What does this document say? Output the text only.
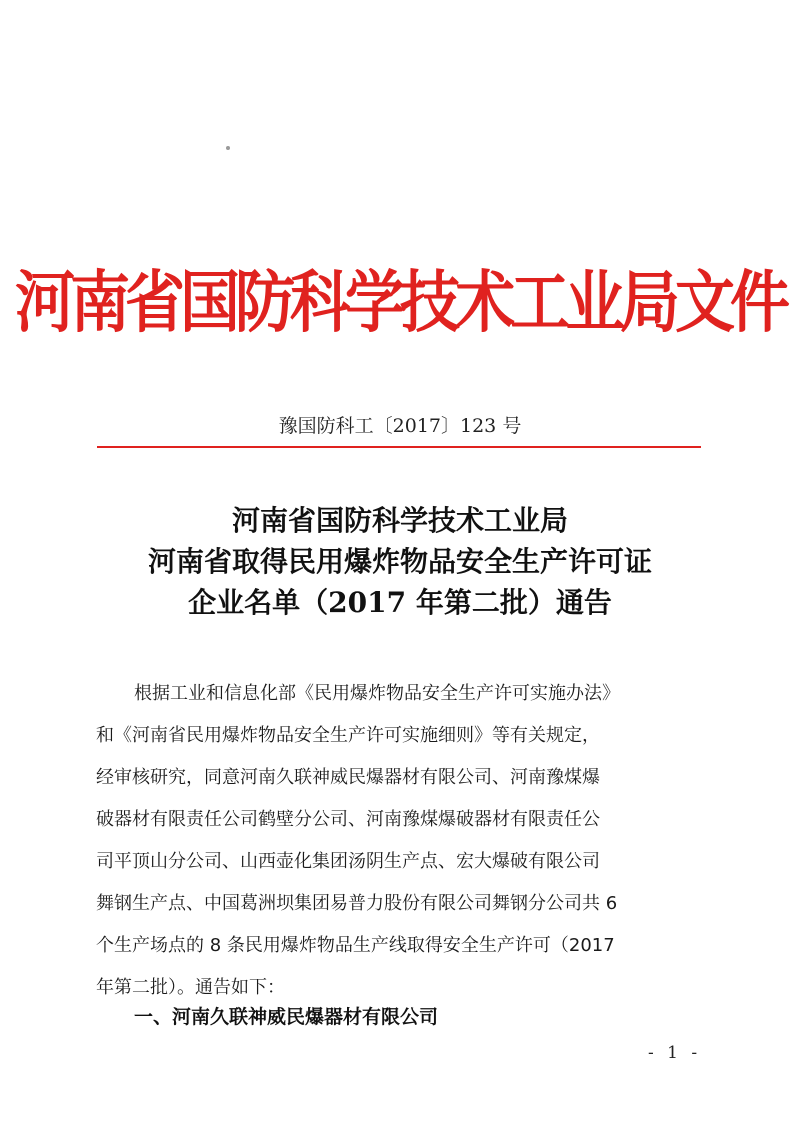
河南省国防科学技术工业局文件
豫国防科工〔2017〕123 号
河南省国防科学技术工业局
河南省取得民用爆炸物品安全生产许可证
企业名单（2017 年第二批）通告
根据工业和信息化部《民用爆炸物品安全生产许可实施办法》
和《河南省民用爆炸物品安全生产许可实施细则》等有关规定，
经审核研究，同意河南久联神威民爆器材有限公司、河南豫煤爆
破器材有限责任公司鹤壁分公司、河南豫煤爆破器材有限责任公
司平顶山分公司、山西壶化集团汤阴生产点、宏大爆破有限公司
舞钢生产点、中国葛洲坝集团易普力股份有限公司舞钢分公司共 6
个生产场点的 8 条民用爆炸物品生产线取得安全生产许可（2017
年第二批）。通告如下：
一、河南久联神威民爆器材有限公司
- 1 -
